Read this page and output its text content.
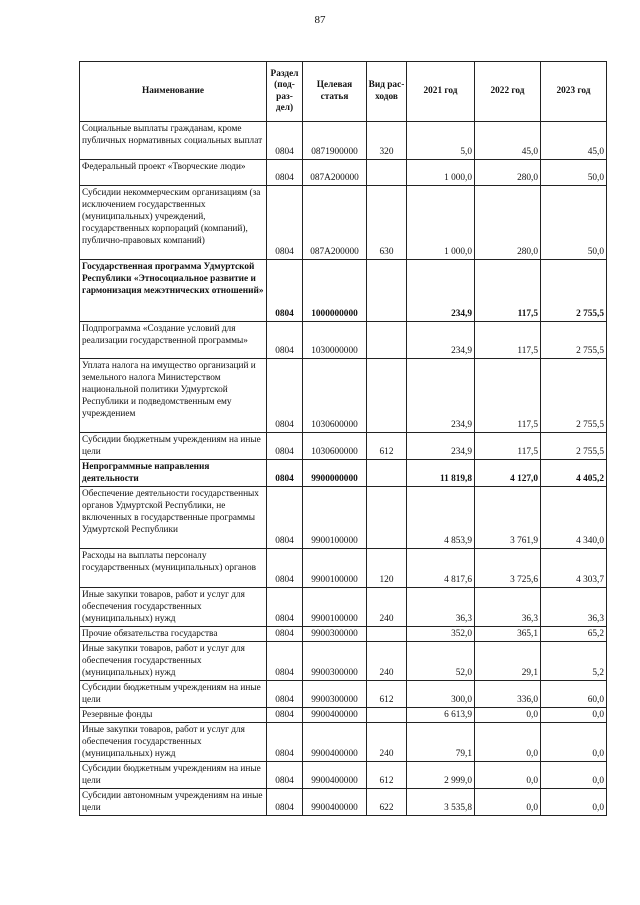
87
Наименование	Раздел (под-раз-дел)	Целевая статья	Вид рас-ходов	2021 год	2022 год	2023 год
Социальные выплаты гражданам, кроме публичных нормативных социальных выплат	0804	0871900000	320	5,0	45,0	45,0
Федеральный проект «Творческие люди»	0804	087A200000		1 000,0	280,0	50,0
Субсидии некоммерческим организациям (за исключением государственных (муниципальных) учреждений, государственных корпораций (компаний), публично-правовых компаний)	0804	087A200000	630	1 000,0	280,0	50,0
Государственная программа Удмуртской Республики «Этносоциальное развитие и гармонизация межэтнических отношений»	0804	1000000000		234,9	117,5	2 755,5
Подпрограмма «Создание условий для реализации государственной программы»	0804	1030000000		234,9	117,5	2 755,5
Уплата налога на имущество организаций и земельного налога Министерством национальной политики Удмуртской Республики и подведомственным ему учреждением	0804	1030600000		234,9	117,5	2 755,5
Субсидии бюджетным учреждениям на иные цели	0804	1030600000	612	234,9	117,5	2 755,5
Непрограммные направления деятельности	0804	9900000000		11 819,8	4 127,0	4 405,2
Обеспечение деятельности государственных органов Удмуртской Республики, не включенных в государственные программы Удмуртской Республики	0804	9900100000		4 853,9	3 761,9	4 340,0
Расходы на выплаты персоналу государственных (муниципальных) органов	0804	9900100000	120	4 817,6	3 725,6	4 303,7
Иные закупки товаров, работ и услуг для обеспечения государственных (муниципальных) нужд	0804	9900100000	240	36,3	36,3	36,3
Прочие обязательства государства	0804	9900300000		352,0	365,1	65,2
Иные закупки товаров, работ и услуг для обеспечения государственных (муниципальных) нужд	0804	9900300000	240	52,0	29,1	5,2
Субсидии бюджетным учреждениям на иные цели	0804	9900300000	612	300,0	336,0	60,0
Резервные фонды	0804	9900400000		6 613,9	0,0	0,0
Иные закупки товаров, работ и услуг для обеспечения государственных (муниципальных) нужд	0804	9900400000	240	79,1	0,0	0,0
Субсидии бюджетным учреждениям на иные цели	0804	9900400000	612	2 999,0	0,0	0,0
Субсидии автономным учреждениям на иные цели	0804	9900400000	622	3 535,8	0,0	0,0
